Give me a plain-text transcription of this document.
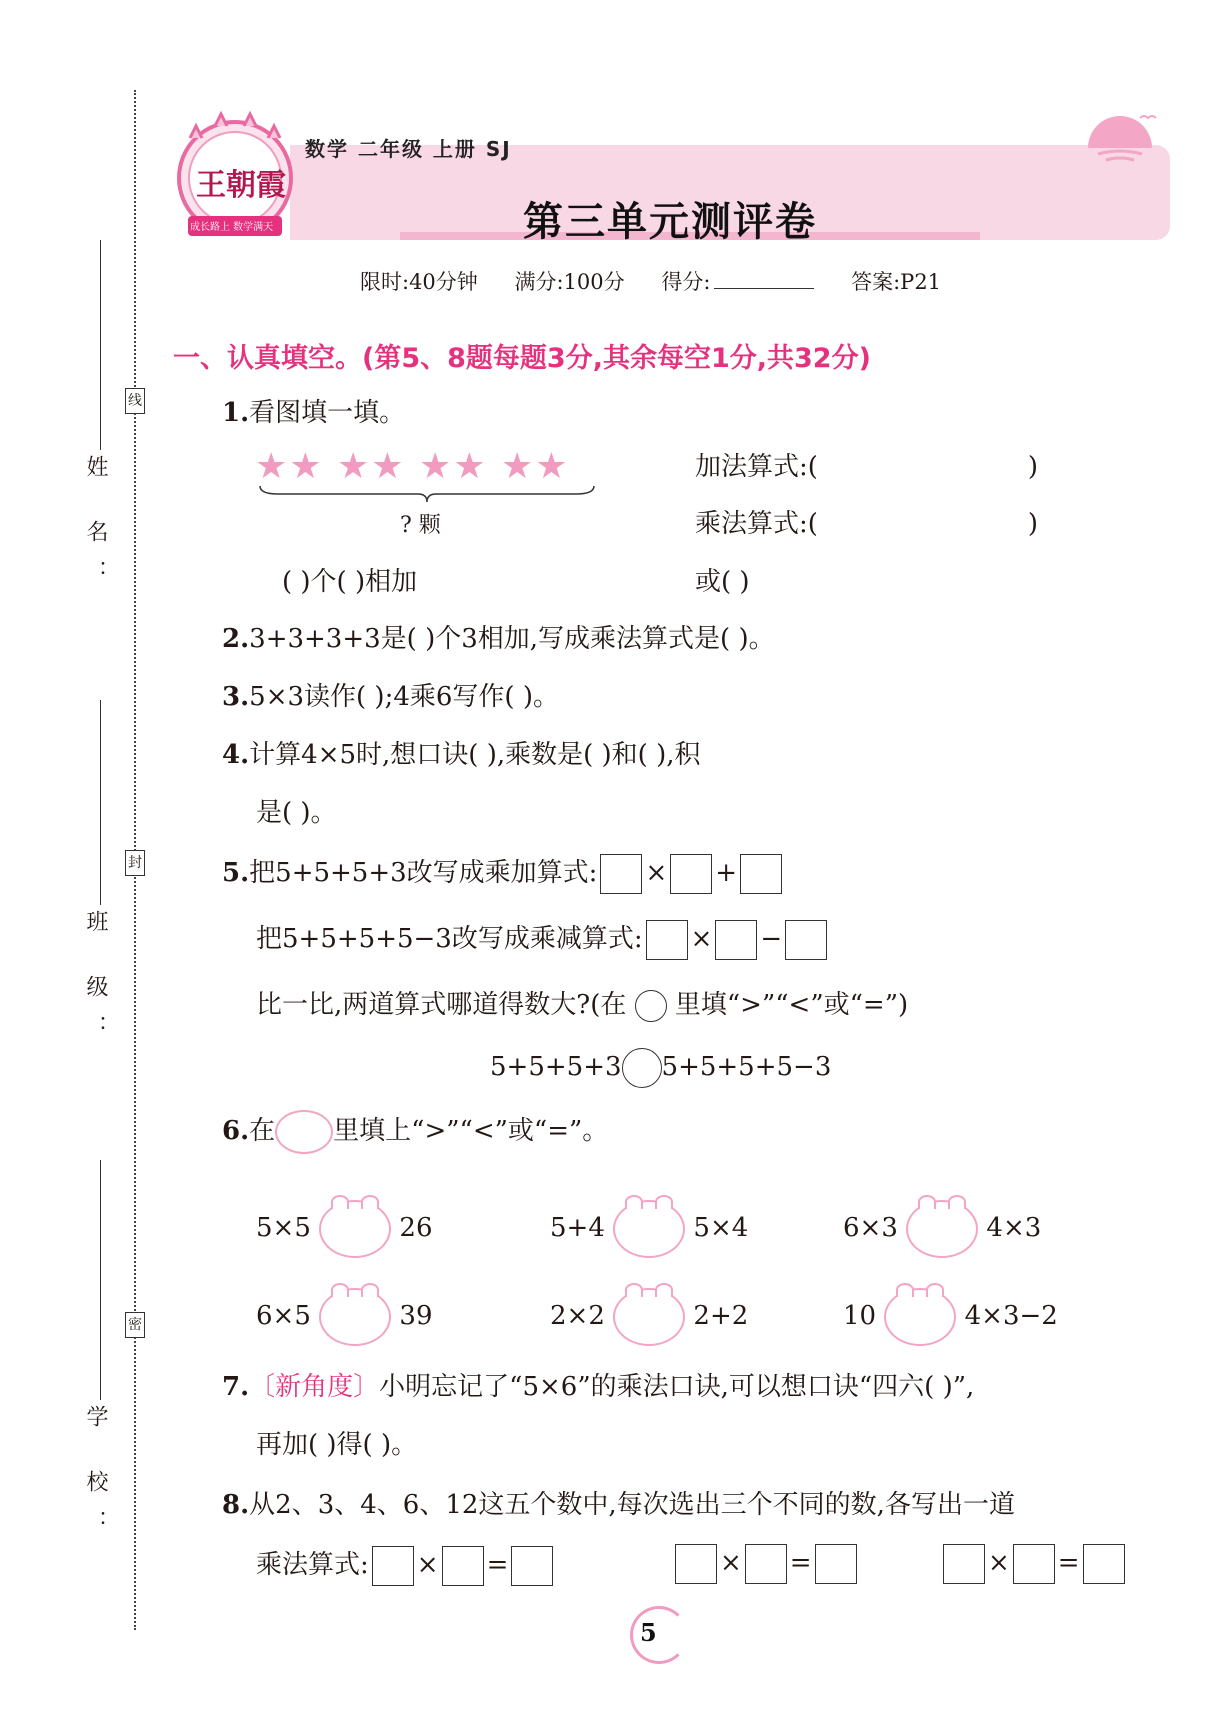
线
封
密
姓 名：
班 级：
学 校：
王朝霞
成长路上 数学满天
数学 二年级 上册 SJ
第三单元测评卷
限时:40分钟 满分:100分 得分:	答案:P21
一、认真填空。(第5、8题每题3分,其余每空1分,共32分)
1.看图填一填。
★★ ★★ ★★ ★★
? 颗
加法算式:(	)
乘法算式:(	)
( )个( )相加	或( )
2.3+3+3+3是( )个3相加,写成乘法算式是( )。
3.5×3读作( );4乘6写作( )。
4.计算4×5时,想口诀( ),乘数是( )和( ),积
是( )。
5.把5+5+5+3改写成乘加算式: × +
把5+5+5+5−3改写成乘减算式: × −
比一比,两道算式哪道得数大?(在 里填“>”“<”或“=”)
5+5+5+3 5+5+5+5−3
6.在 里填上“>”“<”或“=”。
5×5	26	5+4	5×4	6×3	4×3
6×5	39	2×2	2+2	10	4×3−2
7.〔新角度〕小明忘记了“5×6”的乘法口诀,可以想口诀“四六( )”,
再加( )得( )。
8.从2、3、4、6、12这五个数中,每次选出三个不同的数,各写出一道
乘法算式: × =	× =	× =
5
